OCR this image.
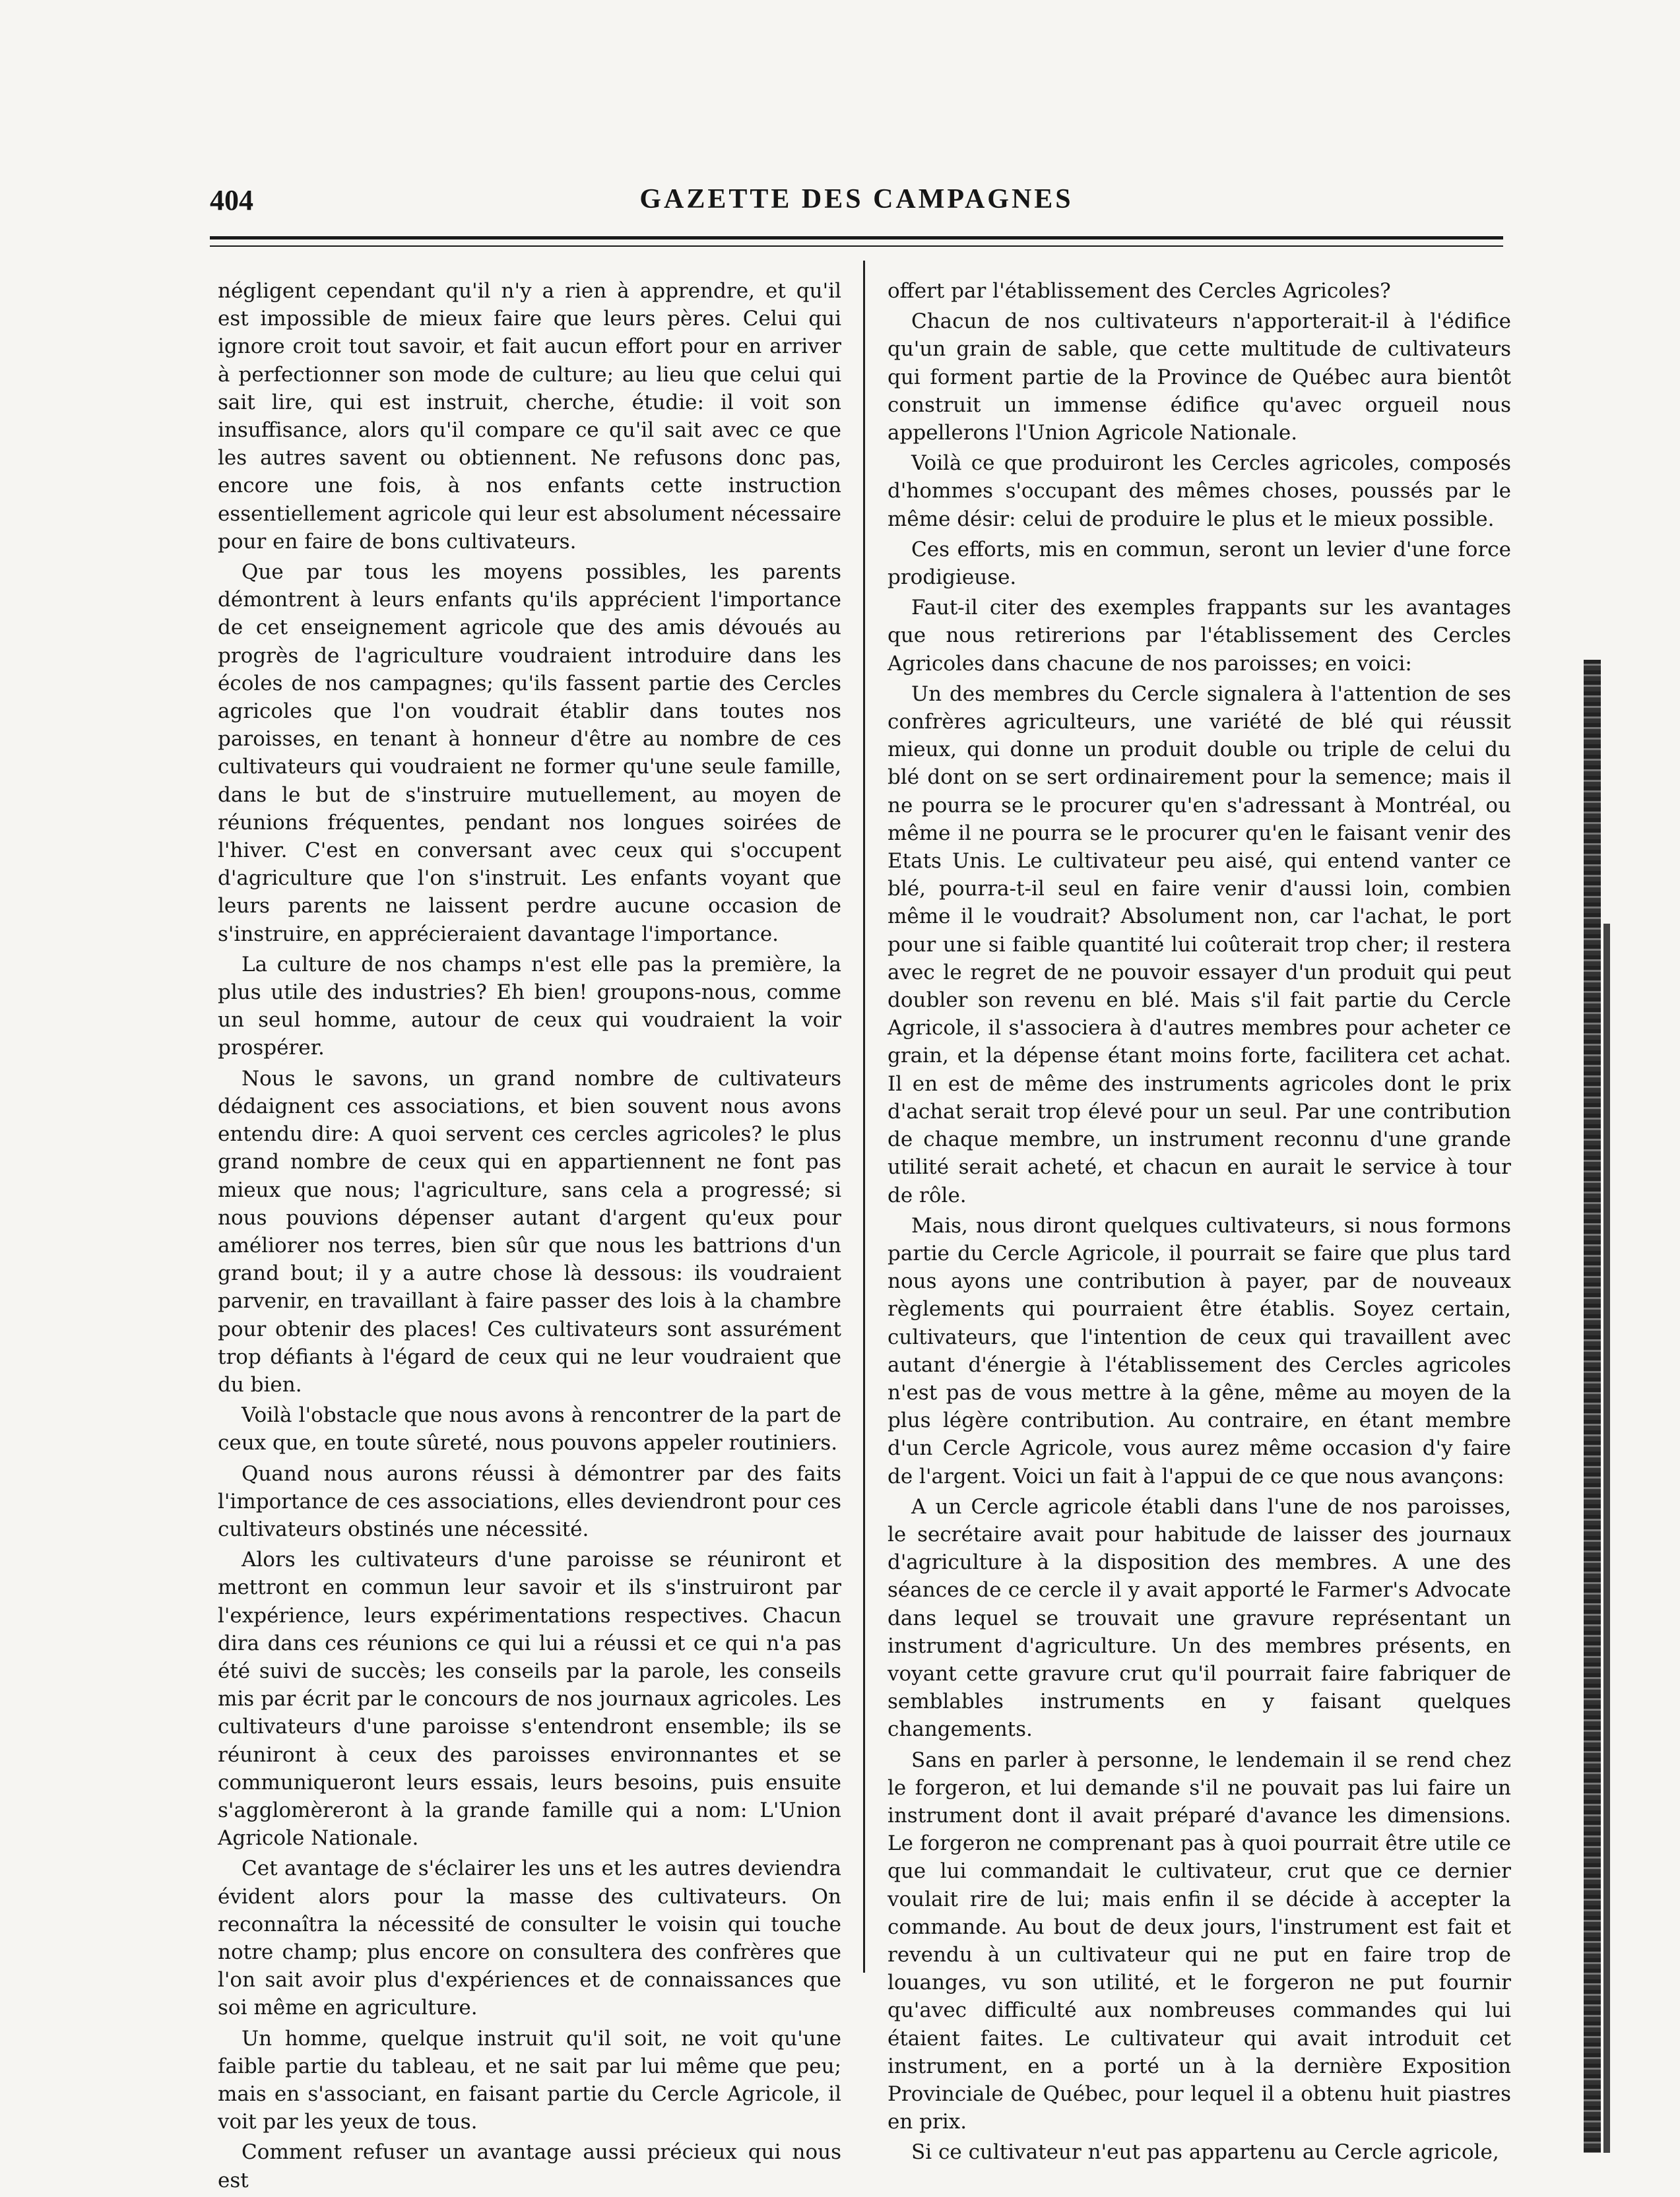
404	GAZETTE DES CAMPAGNES

négligent cependant qu'il n'y a rien à apprendre, et qu'il est impossible de mieux faire que leurs pères. Celui qui ignore croit tout savoir, et fait aucun effort pour en arriver à perfectionner son mode de culture; au lieu que celui qui sait lire, qui est instruit, cherche, étudie: il voit son insuffisance, alors qu'il compare ce qu'il sait avec ce que les autres savent ou obtiennent. Ne refusons donc pas, encore une fois, à nos enfants cette instruction essentiellement agricole qui leur est absolument nécessaire pour en faire de bons cultivateurs.

Que par tous les moyens possibles, les parents démontrent à leurs enfants qu'ils apprécient l'importance de cet enseignement agricole que des amis dévoués au progrès de l'agriculture voudraient introduire dans les écoles de nos campagnes; qu'ils fassent partie des Cercles agricoles que l'on voudrait établir dans toutes nos paroisses, en tenant à honneur d'être au nombre de ces cultivateurs qui voudraient ne former qu'une seule famille, dans le but de s'instruire mutuellement, au moyen de réunions fréquentes, pendant nos longues soirées de l'hiver. C'est en conversant avec ceux qui s'occupent d'agriculture que l'on s'instruit. Les enfants voyant que leurs parents ne laissent perdre aucune occasion de s'instruire, en apprécieraient davantage l'importance.

La culture de nos champs n'est elle pas la première, la plus utile des industries? Eh bien! groupons-nous, comme un seul homme, autour de ceux qui voudraient la voir prospérer.

Nous le savons, un grand nombre de cultivateurs dédaignent ces associations, et bien souvent nous avons entendu dire: A quoi servent ces cercles agricoles? le plus grand nombre de ceux qui en appartiennent ne font pas mieux que nous; l'agriculture, sans cela a progressé; si nous pouvions dépenser autant d'argent qu'eux pour améliorer nos terres, bien sûr que nous les battrions d'un grand bout; il y a autre chose là dessous: ils voudraient parvenir, en travaillant à faire passer des lois à la chambre pour obtenir des places! Ces cultivateurs sont assurément trop défiants à l'égard de ceux qui ne leur voudraient que du bien.

Voilà l'obstacle que nous avons à rencontrer de la part de ceux que, en toute sûreté, nous pouvons appeler routiniers.

Quand nous aurons réussi à démontrer par des faits l'importance de ces associations, elles deviendront pour ces cultivateurs obstinés une nécessité.

Alors les cultivateurs d'une paroisse se réuniront et mettront en commun leur savoir et ils s'instruiront par l'expérience, leurs expérimentations respectives. Chacun dira dans ces réunions ce qui lui a réussi et ce qui n'a pas été suivi de succès; les conseils par la parole, les conseils mis par écrit par le concours de nos journaux agricoles. Les cultivateurs d'une paroisse s'entendront ensemble; ils se réuniront à ceux des paroisses environnantes et se communiqueront leurs essais, leurs besoins, puis ensuite s'agglomèreront à la grande famille qui a nom: L'Union Agricole Nationale.

Cet avantage de s'éclairer les uns et les autres deviendra évident alors pour la masse des cultivateurs. On reconnaîtra la nécessité de consulter le voisin qui touche notre champ; plus encore on consultera des confrères que l'on sait avoir plus d'expériences et de connaissances que soi même en agriculture.

Un homme, quelque instruit qu'il soit, ne voit qu'une faible partie du tableau, et ne sait par lui même que peu; mais en s'associant, en faisant partie du Cercle Agricole, il voit par les yeux de tous.

Comment refuser un avantage aussi précieux qui nous est

offert par l'établissement des Cercles Agricoles?

Chacun de nos cultivateurs n'apporterait-il à l'édifice qu'un grain de sable, que cette multitude de cultivateurs qui forment partie de la Province de Québec aura bientôt construit un immense édifice qu'avec orgueil nous appellerons l'Union Agricole Nationale.

Voilà ce que produiront les Cercles agricoles, composés d'hommes s'occupant des mêmes choses, poussés par le même désir: celui de produire le plus et le mieux possible.

Ces efforts, mis en commun, seront un levier d'une force prodigieuse.

Faut-il citer des exemples frappants sur les avantages que nous retirerions par l'établissement des Cercles Agricoles dans chacune de nos paroisses; en voici:

Un des membres du Cercle signalera à l'attention de ses confrères agriculteurs, une variété de blé qui réussit mieux, qui donne un produit double ou triple de celui du blé dont on se sert ordinairement pour la semence; mais il ne pourra se le procurer qu'en s'adressant à Montréal, ou même il ne pourra se le procurer qu'en le faisant venir des Etats Unis. Le cultivateur peu aisé, qui entend vanter ce blé, pourra-t-il seul en faire venir d'aussi loin, combien même il le voudrait? Absolument non, car l'achat, le port pour une si faible quantité lui coûterait trop cher; il restera avec le regret de ne pouvoir essayer d'un produit qui peut doubler son revenu en blé. Mais s'il fait partie du Cercle Agricole, il s'associera à d'autres membres pour acheter ce grain, et la dépense étant moins forte, facilitera cet achat. Il en est de même des instruments agricoles dont le prix d'achat serait trop élevé pour un seul. Par une contribution de chaque membre, un instrument reconnu d'une grande utilité serait acheté, et chacun en aurait le service à tour de rôle.

Mais, nous diront quelques cultivateurs, si nous formons partie du Cercle Agricole, il pourrait se faire que plus tard nous ayons une contribution à payer, par de nouveaux règlements qui pourraient être établis. Soyez certain, cultivateurs, que l'intention de ceux qui travaillent avec autant d'énergie à l'établissement des Cercles agricoles n'est pas de vous mettre à la gêne, même au moyen de la plus légère contribution. Au contraire, en étant membre d'un Cercle Agricole, vous aurez même occasion d'y faire de l'argent. Voici un fait à l'appui de ce que nous avançons:

A un Cercle agricole établi dans l'une de nos paroisses, le secrétaire avait pour habitude de laisser des journaux d'agriculture à la disposition des membres. A une des séances de ce cercle il y avait apporté le Farmer's Advocate dans lequel se trouvait une gravure représentant un instrument d'agriculture. Un des membres présents, en voyant cette gravure crut qu'il pourrait faire fabriquer de semblables instruments en y faisant quelques changements.

Sans en parler à personne, le lendemain il se rend chez le forgeron, et lui demande s'il ne pouvait pas lui faire un instrument dont il avait préparé d'avance les dimensions. Le forgeron ne comprenant pas à quoi pourrait être utile ce que lui commandait le cultivateur, crut que ce dernier voulait rire de lui; mais enfin il se décide à accepter la commande. Au bout de deux jours, l'instrument est fait et revendu à un cultivateur qui ne put en faire trop de louanges, vu son utilité, et le forgeron ne put fournir qu'avec difficulté aux nombreuses commandes qui lui étaient faites. Le cultivateur qui avait introduit cet instrument, en a porté un à la dernière Exposition Provinciale de Québec, pour lequel il a obtenu huit piastres en prix.

Si ce cultivateur n'eut pas appartenu au Cercle agricole,
